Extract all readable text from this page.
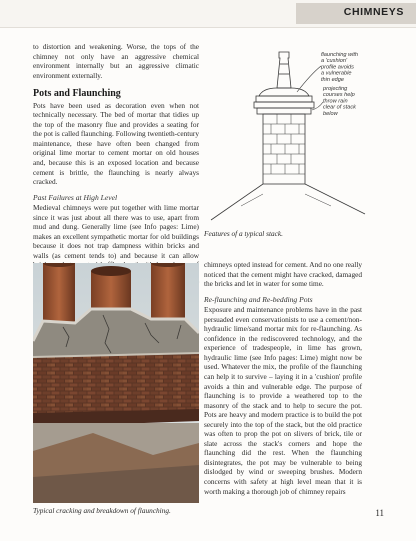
CHIMNEYS

to distortion and weakening. Worse, the tops of the chimney not only have an aggressive chemical environment internally but an aggressive climatic environment externally.

Pots and Flaunching

Pots have been used as decoration even when not technically necessary. The bed of mortar that tidies up the top of the masonry flue and provides a seating for the pot is called flaunching. Following twentieth-century maintenance, these have often been changed from original lime mortar to cement mortar on old houses and, because this is an exposed location and because cement is brittle, the flaunching is nearly always cracked.

Past Failures at High Level

Medieval chimneys were put together with lime mortar since it was just about all there was to use, apart from mud and dung. Generally lime (see Info pages: Lime) makes an excellent sympathetic mortar for old buildings because it does not trap dampness within bricks and walls (as cement tends to) and because it can allow

flaunching with a 'cushion' profile avoids a vulnerable thin edge
projecting courses help throw rain clear of stack below
Features of a typical stack.

chimneys opted instead for cement. And no one really noticed that the cement might have cracked, damaged the bricks and let in water for some time.

Re-flaunching and Re-bedding Pots

Exposure and maintenance problems have in the past persuaded even conservationists to use a cement/non-hydraulic lime/sand mortar mix for re-flaunching. As confidence in the rediscovered technology, and the experience of tradespeople, in lime has grown, hydraulic lime (see Info pages: Lime) might now be used. Whatever the mix, the profile of the flaunching can help it to survive – laying it in a 'cushion' profile avoids a thin and vulnerable edge. The purpose of flaunching is to provide a weathered top to the masonry of the stack and to help to secure the pot. Pots are heavy and modern practice is to build the pot securely into the top of the stack, but the old practice was often to prop the pot on slivers of brick, tile or slate across the stack's corners and hope the flaunching did the rest. When the flaunching disintegrates, the pot may be vulnerable to being dislodged by wind or sweeping brushes. Modern concerns with safety at high level mean that it is worth making a thorough job of chimney repairs

Typical cracking and breakdown of flaunching.	11
